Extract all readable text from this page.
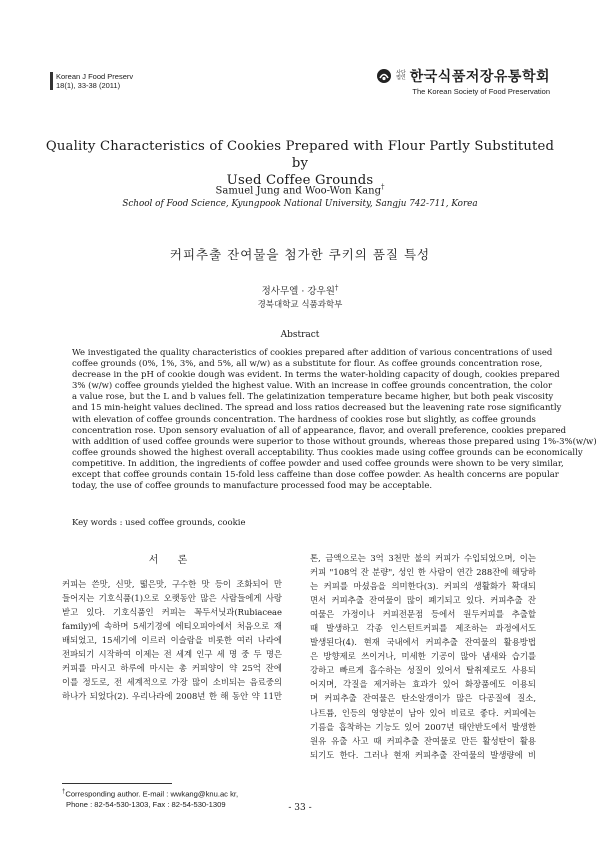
Korean J Food Preserv
18(1), 33-38 (2011)
사단
법인 한국식품저장유통학회
The Korean Society of Food Preservation
Quality Characteristics of Cookies Prepared with Flour Partly Substituted by
Used Coffee Grounds
Samuel Jung and Woo-Won Kang†
School of Food Science, Kyungpook National University, Sangju 742-711, Korea
커피추출 잔여물을 첨가한 쿠키의 품질 특성
정사무엘 · 강우원†
경북대학교 식품과학부
Abstract
We investigated the quality characteristics of cookies prepared after addition of various concentrations of used
coffee grounds (0%, 1%, 3%, and 5%, all w/w) as a substitute for flour. As coffee grounds concentration rose,
decrease in the pH of cookie dough was evident. In terms the water-holding capacity of dough, cookies prepared
3% (w/w) coffee grounds yielded the highest value. With an increase in coffee grounds concentration, the color
a value rose, but the L and b values fell. The gelatinization temperature became higher, but both peak viscosity
and 15 min-height values declined. The spread and loss ratios decreased but the leavening rate rose significantly
with elevation of coffee grounds concentration. The hardness of cookies rose but slightly, as coffee grounds
concentration rose. Upon sensory evaluation of all of appearance, flavor, and overall preference, cookies prepared
with addition of used coffee grounds were superior to those without grounds, whereas those prepared using 1%-3%(w/w)
coffee grounds showed the highest overall acceptability. Thus cookies made using coffee grounds can be economically
competitive. In addition, the ingredients of coffee powder and used coffee grounds were shown to be very similar,
except that coffee grounds contain 15-fold less caffeine than dose coffee powder. As health concerns are popular
today, the use of coffee grounds to manufacture processed food may be acceptable.
Key words : used coffee grounds, cookie
서 론
커피는 쓴맛, 신맛, 떫은맛, 구수한 맛 등이 조화되어 만
들어지는 기호식품(1)으로 오랫동안 많은 사람들에게 사랑
받고 있다. 기호식품인 커피는 꼭두서닛과(Rubiaceae
family)에 속하며 5세기경에 에티오피아에서 처음으로 재
배되었고, 15세기에 이르러 이슬람을 비롯한 여러 나라에
전파되기 시작하여 이제는 전 세계 인구 세 명 중 두 명은
커피를 마시고 하루에 마시는 총 커피양이 약 25억 잔에
이를 정도로, 전 세계적으로 가장 많이 소비되는 음료중의
하나가 되었다(2). 우리나라에 2008년 한 해 동안 약 11만
톤, 금액으로는 3억 3천만 불의 커피가 수입되었으며, 이는
커피 "108억 잔 분량", 성인 한 사람이 연간 288잔에 해당하
는 커피를 마셨음을 의미한다(3). 커피의 생활화가 확대되
면서 커피추출 잔여물이 많이 폐기되고 있다. 커피추출 잔
여물은 가정이나 커피전문점 등에서 원두커피를 추출할
때 발생하고 각종 인스턴트커피를 제조하는 과정에서도
발생된다(4). 현재 국내에서 커피추출 잔여물의 활용방법
은 방향제로 쓰이거나, 미세한 기공이 많아 냄새와 습기를
강하고 빠르게 흡수하는 성질이 있어서 탈취제로도 사용되
어지며, 각질을 제거하는 효과가 있어 화장품에도 이용되
며 커피추출 잔여물은 탄소알갱이가 많은 다공질에 질소,
나트륨, 인등의 영양분이 남아 있어 비료로 좋다. 커피에는
기름을 흡착하는 기능도 있어 2007년 태안반도에서 발생한
원유 유출 사고 때 커피추출 잔여물로 만든 활성탄이 활용
되기도 한다. 그러나 현재 커피추출 잔여물의 발생량에 비
†Corresponding author. E-mail : wwkang@knu.ac kr,
Phone : 82-54-530-1303, Fax : 82-54-530-1309	- 33 -
